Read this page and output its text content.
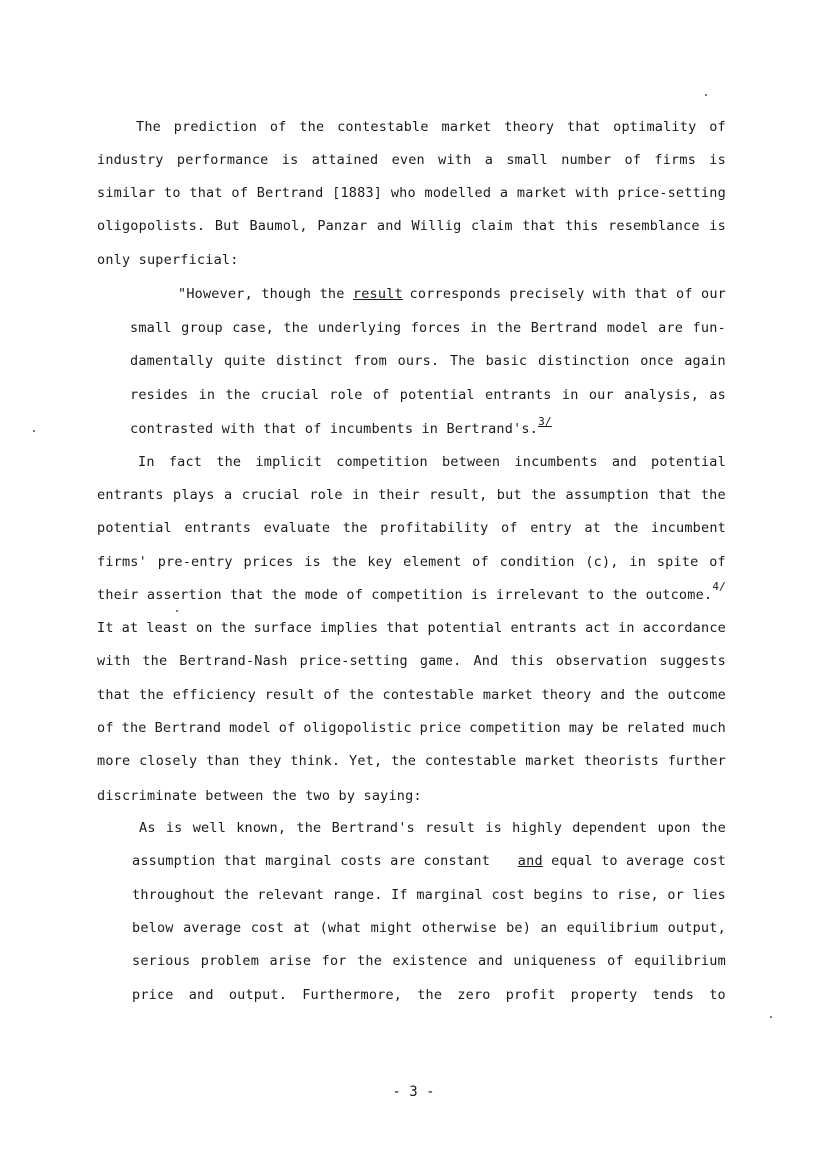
The prediction of the contestable market theory that optimality of

industry performance is attained even with a small number of firms is

similar to that of Bertrand [1883] who modelled a market with price-setting

oligopolists. But Baumol, Panzar and Willig claim that this resemblance is

only superficial:

"However, though the result corresponds precisely with that of our

small group case, the underlying forces in the Bertrand model are fun-

damentally quite distinct from ours. The basic distinction once again

resides in the crucial role of potential entrants in our analysis, as

contrasted with that of incumbents in Bertrand's.$^{3/}$

In fact the implicit competition between incumbents and potential

entrants plays a crucial role in their result, but the assumption that the

potential entrants evaluate the profitability of entry at the incumbent

firms' pre-entry prices is the key element of condition (c), in spite of

their assertion that the mode of competition is irrelevant to the outcome.
4/

It at least on the surface implies that potential entrants act in accordance

with the Bertrand-Nash price-setting game. And this observation suggests

that the efficiency result of the contestable market theory and the outcome

of the Bertrand model of oligopolistic price competition may be related much

more closely than they think. Yet, the contestable market theorists further

discriminate between the two by saying:

As is well known, the Bertrand's result is highly dependent upon the

assumption that marginal costs are constant and equal to average cost

throughout the relevant range. If marginal cost begins to rise, or lies

below average cost at (what might otherwise be) an equilibrium output,

serious problem arise for the existence and uniqueness of equilibrium

price and output. Furthermore, the zero profit property tends to

- 3 -
